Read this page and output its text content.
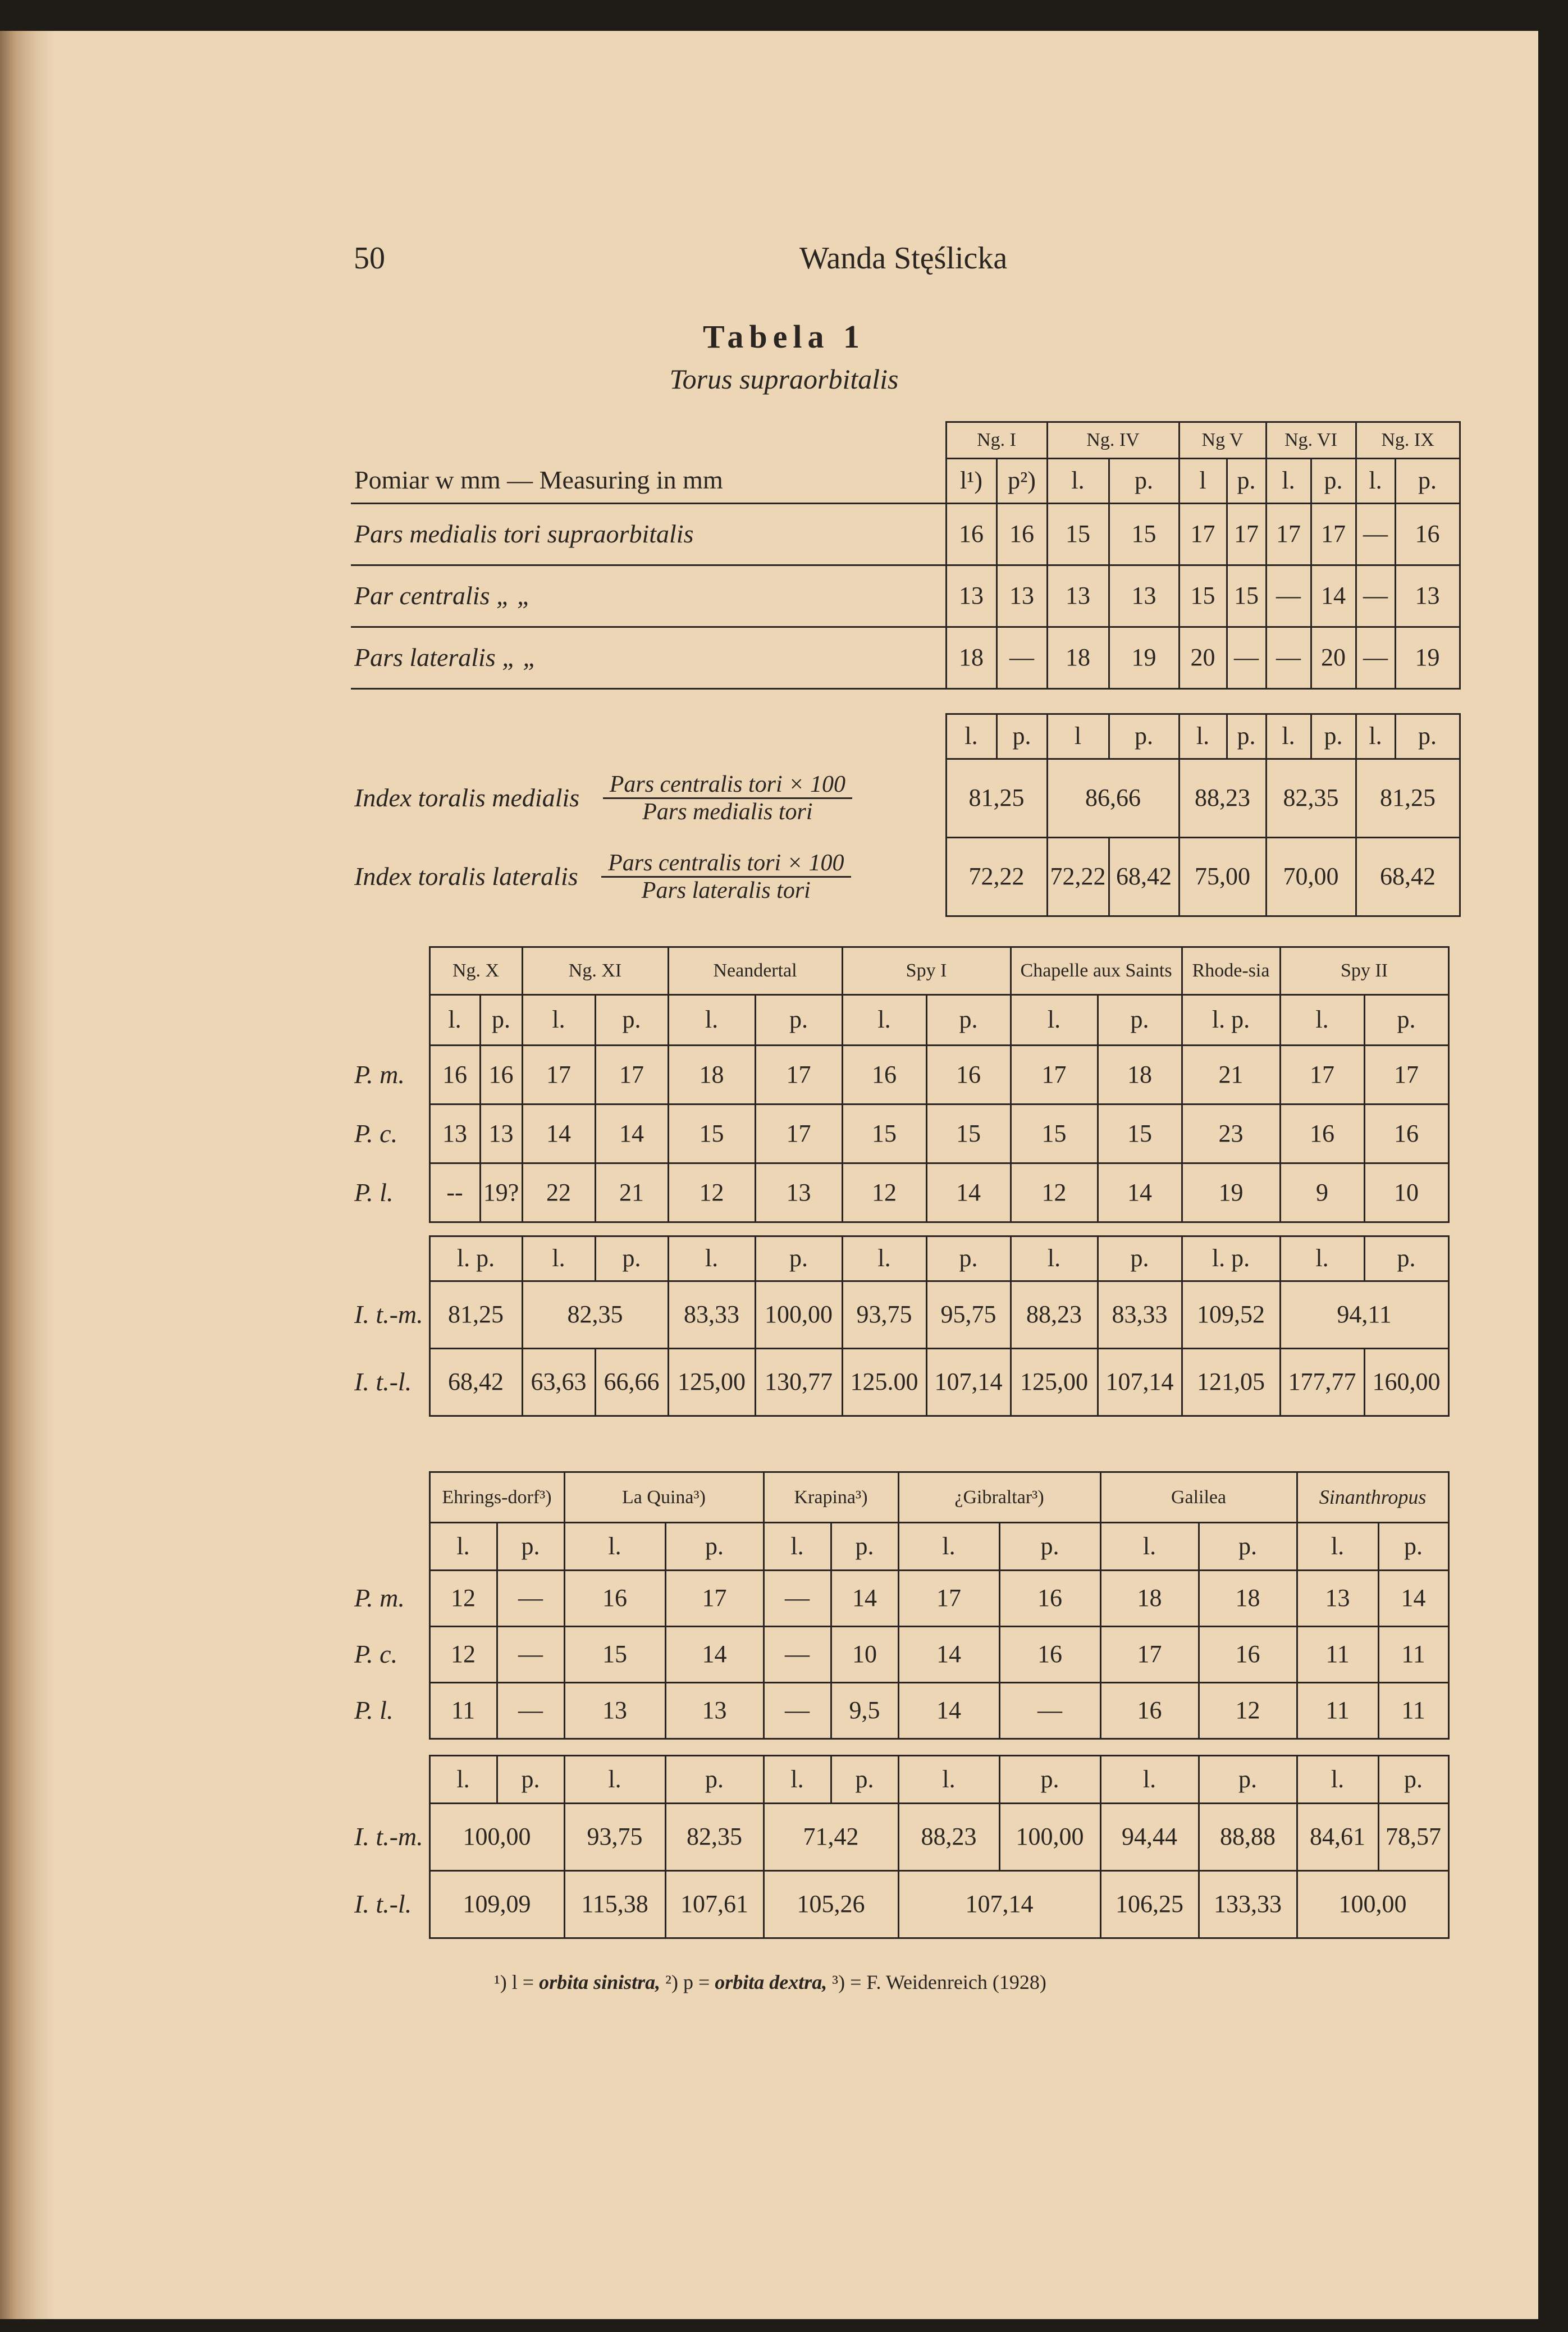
50	Wanda Stęślicka
Tabela 1
Torus supraorbitalis
	Ng. I		Ng. IV		Ng V		Ng. VI		Ng. IX	
Pomiar w mm — Measuring in mm	l¹)	p²)	l.	p.	l	p.	l.	p.	l.	p.
Pars medialis tori supraorbitalis	16	16	15	15	17	17	17	17	—	16
Par centralis „ „	13	13	13	13	15	15	—	14	—	13
Pars lateralis „ „	18	—	18	19	20	—	—	20	—	19
	l.	p.	l	p.	l.	p.	l.	p.	l.	p.
Index toralis medialis $\frac{\text{Pars centralis tori × 100}}{\text{Pars medialis tori}}$	81,25		86,66		88,23		82,35		81,25	
Index toralis lateralis $\frac{\text{Pars centralis tori × 100}}{\text{Pars lateralis tori}}$	72,22		72,22	68,42	75,00		70,00		68,42	
	Ng. X		Ng. XI		Neandertal		Spy I		Chapelle aux Saints		Rhode-sia	Spy II	
	l.	p.	l.	p.	l.	p.	l.	p.	l.	p.	l. p.	l.	p.
P. m.	16	16	17	17	18	17	16	16	17	18	21	17	17
P. c.	13	13	14	14	15	17	15	15	15	15	23	16	16
P. l.	--	19?	22	21	12	13	12	14	12	14	19	9	10

	l. p.		l.	p.	l.	p.	l.	p.	l.	p.	l. p.	l.	p.
I. t.-m.	81,25		82,35		83,33	100,00	93,75	95,75	88,23	83,33	109,52	94,11	
I. t.-l.	68,42		63,63	66,66	125,00	130,77	125.00	107,14	125,00	107,14	121,05	177,77	160,00
	Ehrings-dorf³)		La Quina³)		Krapina³)		¿Gibraltar³)		Galilea		Sinanthropus	
	l.	p.	l.	p.	l.	p.	l.	p.	l.	p.	l.	p.
P. m.	12	—	16	17	—	14	17	16	18	18	13	14
P. c.	12	—	15	14	—	10	14	16	17	16	11	11
P. l.	11	—	13	13	—	9,5	14	—	16	12	11	11

	l.	p.	l.	p.	l.	p.	l.	p.	l.	p.	l.	p.
I. t.-m.	100,00		93,75	82,35	71,42		88,23	100,00	94,44	88,88	84,61	78,57
I. t.-l.	109,09		115,38	107,61	105,26		107,14		106,25	133,33	100,00	
¹) l = orbita sinistra, ²) p = orbita dextra, ³) = F. Weidenreich (1928)
